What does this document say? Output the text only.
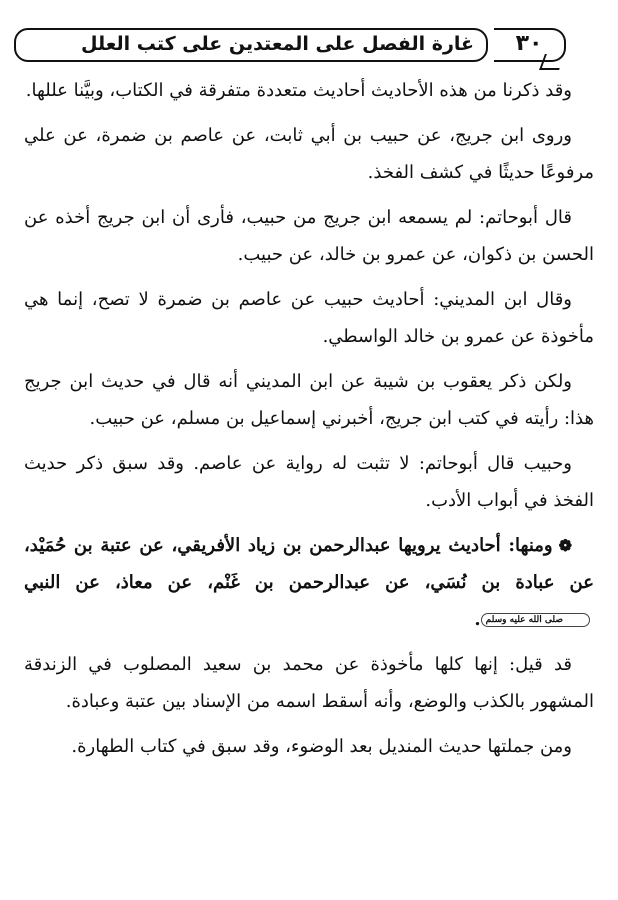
غارة الفصل على المعتدين على كتب العلل	٣٠

وقد ذكرنا من هذه الأحاديث أحاديث متعددة متفرقة في الكتاب، وبيَّنا عللها.

وروى ابن جريج، عن حبيب بن أبي ثابت، عن عاصم بن ضمرة، عن علي مرفوعًا حديثًا في كشف الفخذ.

قال أبوحاتم: لم يسمعه ابن جريج من حبيب، فأرى أن ابن جريج أخذه عن الحسن بن ذكوان، عن عمرو بن خالد، عن حبيب.

وقال ابن المديني: أحاديث حبيب عن عاصم بن ضمرة لا تصح، إنما هي مأخوذة عن عمرو بن خالد الواسطي.

ولكن ذكر يعقوب بن شيبة عن ابن المديني أنه قال في حديث ابن جريج هذا: رأيته في كتب ابن جريج، أخبرني إسماعيل بن مسلم، عن حبيب.

وحبيب قال أبوحاتم: لا تثبت له رواية عن عاصم. وقد سبق ذكر حديث الفخذ في أبواب الأدب.

❁ومنها: أحاديث يرويها عبدالرحمن بن زياد الأفريقي، عن عتبة بن حُمَيْد، عن عبادة بن نُسَي، عن عبدالرحمن بن غَنْم، عن معاذ، عن النبيصلى الله عليه وسلم.

قد قيل: إنها كلها مأخوذة عن محمد بن سعيد المصلوب في الزندقة المشهور بالكذب والوضع، وأنه أسقط اسمه من الإسناد بين عتبة وعبادة.

ومن جملتها حديث المنديل بعد الوضوء، وقد سبق في كتاب الطهارة.
